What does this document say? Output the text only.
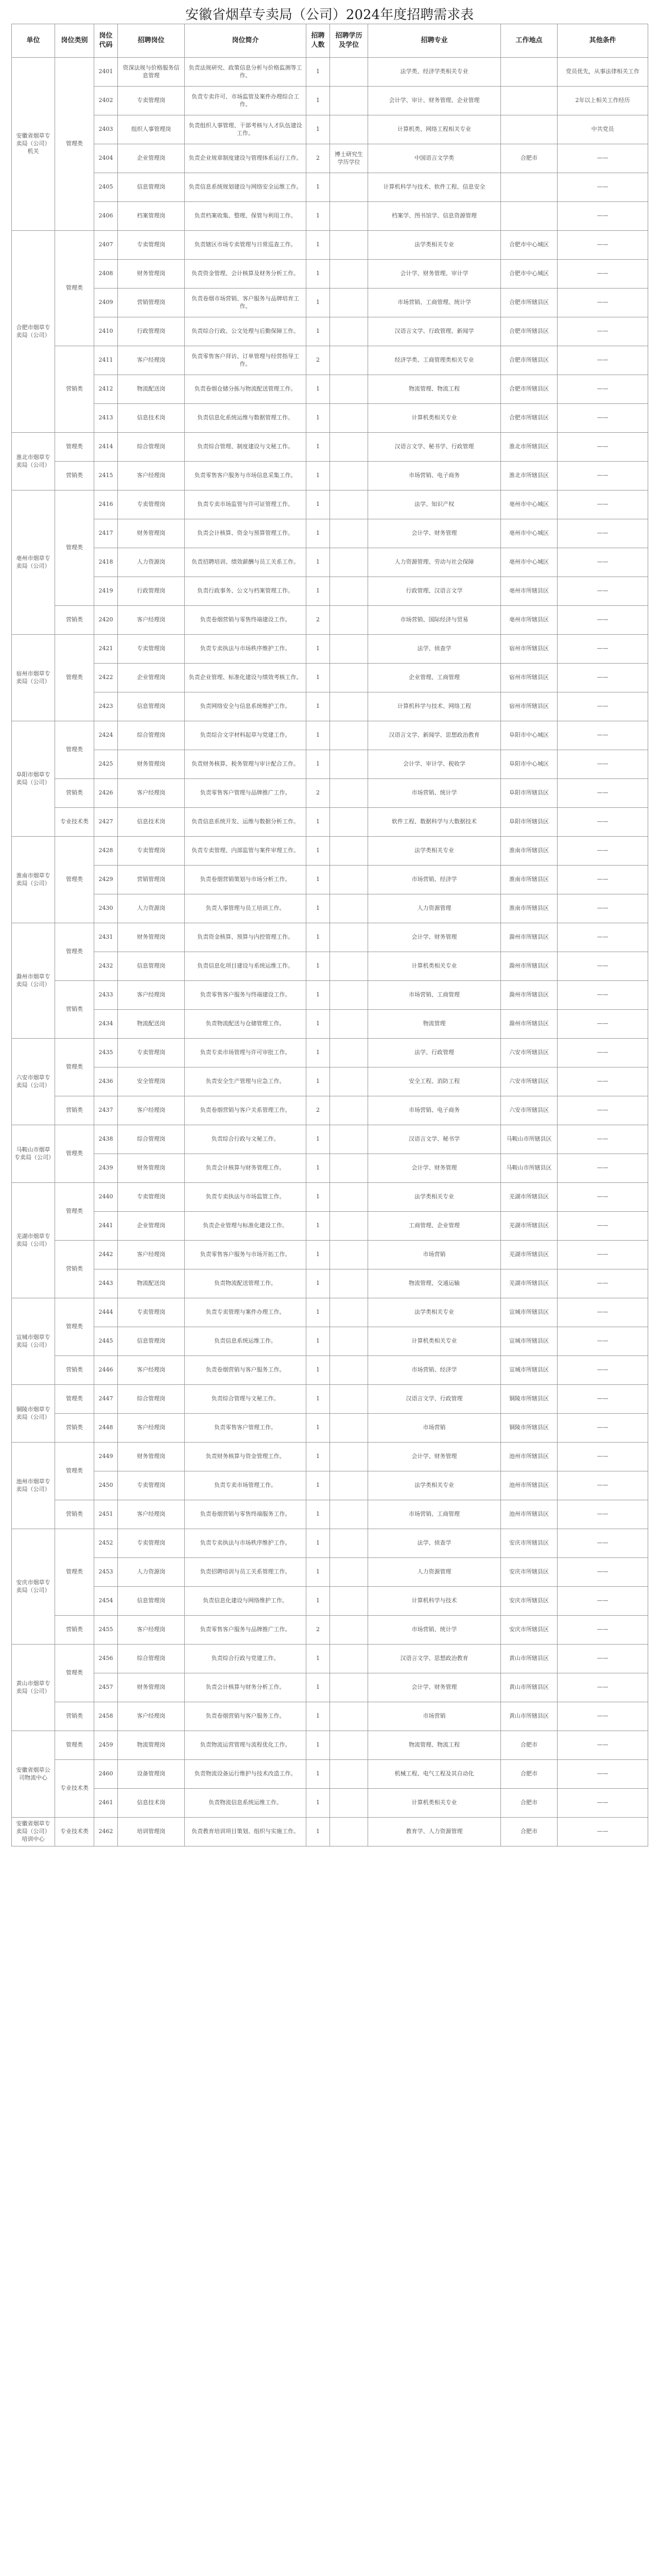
安徽省烟草专卖局（公司）2024年度招聘需求表
单位	岗位类别	岗位代码	招聘岗位	岗位简介	招聘人数	招聘学历及学位	招聘专业	工作地点	其他条件
安徽省烟草专卖局（公司）机关	管理类	2401	资深法规与价格服务信息管理	负责法规研究、政策信息分析与价格监测等工作。	1		法学类、经济学类相关专业		党员优先，从事法律相关工作
		2402	专卖管理岗	负责专卖许可、市场监管及案件办理综合工作。	1		会计学、审计、财务管理、企业管理		2年以上相关工作经历
		2403	组织人事管理岗	负责组织人事管理、干部考核与人才队伍建设工作。	1		计算机类、网络工程相关专业		中共党员
		2404	企业管理岗	负责企业规章制度建设与管理体系运行工作。	2	博士研究生学历学位	中国语言文学类	合肥市	——
		2405	信息管理岗	负责信息系统规划建设与网络安全运维工作。	1		计算机科学与技术、软件工程、信息安全		——
		2406	档案管理岗	负责档案收集、整理、保管与利用工作。	1		档案学、图书馆学、信息资源管理		——
合肥市烟草专卖局（公司）	管理类	2407	专卖管理岗	负责辖区市场专卖管理与日常巡查工作。	1		法学类相关专业	合肥市中心城区	——
		2408	财务管理岗	负责资金管理、会计核算及财务分析工作。	1		会计学、财务管理、审计学	合肥市中心城区	——
		2409	营销管理岗	负责卷烟市场营销、客户服务与品牌培育工作。	1		市场营销、工商管理、统计学	合肥市所辖县区	——
		2410	行政管理岗	负责综合行政、公文处理与后勤保障工作。	1		汉语言文学、行政管理、新闻学	合肥市所辖县区	——
	营销类	2411	客户经理岗	负责零售客户拜访、订单管理与经营指导工作。	2		经济学类、工商管理类相关专业	合肥市所辖县区	——
		2412	物流配送岗	负责卷烟仓储分拣与物流配送管理工作。	1		物流管理、物流工程	合肥市所辖县区	——
		2413	信息技术岗	负责信息化系统运维与数据管理工作。	1		计算机类相关专业	合肥市所辖县区	——
淮北市烟草专卖局（公司）	管理类	2414	综合管理岗	负责综合管理、制度建设与文秘工作。	1		汉语言文学、秘书学、行政管理	淮北市所辖县区	——
	营销类	2415	客户经理岗	负责零售客户服务与市场信息采集工作。	1		市场营销、电子商务	淮北市所辖县区	——
亳州市烟草专卖局（公司）	管理类	2416	专卖管理岗	负责专卖市场监管与许可证管理工作。	1		法学、知识产权	亳州市中心城区	——
		2417	财务管理岗	负责会计核算、资金与预算管理工作。	1		会计学、财务管理	亳州市中心城区	——
		2418	人力资源岗	负责招聘培训、绩效薪酬与员工关系工作。	1		人力资源管理、劳动与社会保障	亳州市中心城区	——
		2419	行政管理岗	负责行政事务、公文与档案管理工作。	1		行政管理、汉语言文学	亳州市所辖县区	——
	营销类	2420	客户经理岗	负责卷烟营销与零售终端建设工作。	2		市场营销、国际经济与贸易	亳州市所辖县区	——
宿州市烟草专卖局（公司）	管理类	2421	专卖管理岗	负责专卖执法与市场秩序维护工作。	1		法学、侦查学	宿州市所辖县区	——
		2422	企业管理岗	负责企业管理、标准化建设与绩效考核工作。	1		企业管理、工商管理	宿州市所辖县区	——
		2423	信息管理岗	负责网络安全与信息系统维护工作。	1		计算机科学与技术、网络工程	宿州市所辖县区	——
阜阳市烟草专卖局（公司）	管理类	2424	综合管理岗	负责综合文字材料起草与党建工作。	1		汉语言文学、新闻学、思想政治教育	阜阳市中心城区	——
		2425	财务管理岗	负责财务核算、税务管理与审计配合工作。	1		会计学、审计学、税收学	阜阳市中心城区	——
	营销类	2426	客户经理岗	负责零售客户管理与品牌推广工作。	2		市场营销、统计学	阜阳市所辖县区	——
	专业技术类	2427	信息技术岗	负责信息系统开发、运维与数据分析工作。	1		软件工程、数据科学与大数据技术	阜阳市所辖县区	——
淮南市烟草专卖局（公司）	管理类	2428	专卖管理岗	负责专卖管理、内部监管与案件审理工作。	1		法学类相关专业	淮南市所辖县区	——
		2429	营销管理岗	负责卷烟营销策划与市场分析工作。	1		市场营销、经济学	淮南市所辖县区	——
		2430	人力资源岗	负责人事管理与员工培训工作。	1		人力资源管理	淮南市所辖县区	——
滁州市烟草专卖局（公司）	管理类	2431	财务管理岗	负责资金核算、预算与内控管理工作。	1		会计学、财务管理	滁州市所辖县区	——
		2432	信息管理岗	负责信息化项目建设与系统运维工作。	1		计算机类相关专业	滁州市所辖县区	——
	营销类	2433	客户经理岗	负责零售客户服务与终端建设工作。	1		市场营销、工商管理	滁州市所辖县区	——
		2434	物流配送岗	负责物流配送与仓储管理工作。	1		物流管理	滁州市所辖县区	——
六安市烟草专卖局（公司）	管理类	2435	专卖管理岗	负责专卖市场管理与许可审批工作。	1		法学、行政管理	六安市所辖县区	——
		2436	安全管理岗	负责安全生产管理与应急工作。	1		安全工程、消防工程	六安市所辖县区	——
	营销类	2437	客户经理岗	负责卷烟营销与客户关系管理工作。	2		市场营销、电子商务	六安市所辖县区	——
马鞍山市烟草专卖局（公司）	管理类	2438	综合管理岗	负责综合行政与文秘工作。	1		汉语言文学、秘书学	马鞍山市所辖县区	——
		2439	财务管理岗	负责会计核算与财务管理工作。	1		会计学、财务管理	马鞍山市所辖县区	——
芜湖市烟草专卖局（公司）	管理类	2440	专卖管理岗	负责专卖执法与市场监管工作。	1		法学类相关专业	芜湖市所辖县区	——
		2441	企业管理岗	负责企业管理与标准化建设工作。	1		工商管理、企业管理	芜湖市所辖县区	——
	营销类	2442	客户经理岗	负责零售客户服务与市场开拓工作。	1		市场营销	芜湖市所辖县区	——
		2443	物流配送岗	负责物流配送管理工作。	1		物流管理、交通运输	芜湖市所辖县区	——
宣城市烟草专卖局（公司）	管理类	2444	专卖管理岗	负责专卖管理与案件办理工作。	1		法学类相关专业	宣城市所辖县区	——
		2445	信息管理岗	负责信息系统运维工作。	1		计算机类相关专业	宣城市所辖县区	——
	营销类	2446	客户经理岗	负责卷烟营销与客户服务工作。	1		市场营销、经济学	宣城市所辖县区	——
铜陵市烟草专卖局（公司）	管理类	2447	综合管理岗	负责综合管理与文秘工作。	1		汉语言文学、行政管理	铜陵市所辖县区	——
	营销类	2448	客户经理岗	负责零售客户管理工作。	1		市场营销	铜陵市所辖县区	——
池州市烟草专卖局（公司）	管理类	2449	财务管理岗	负责财务核算与资金管理工作。	1		会计学、财务管理	池州市所辖县区	——
		2450	专卖管理岗	负责专卖市场管理工作。	1		法学类相关专业	池州市所辖县区	——
	营销类	2451	客户经理岗	负责卷烟营销与零售终端服务工作。	1		市场营销、工商管理	池州市所辖县区	——
安庆市烟草专卖局（公司）	管理类	2452	专卖管理岗	负责专卖执法与市场秩序维护工作。	1		法学、侦查学	安庆市所辖县区	——
		2453	人力资源岗	负责招聘培训与员工关系管理工作。	1		人力资源管理	安庆市所辖县区	——
		2454	信息管理岗	负责信息化建设与网络维护工作。	1		计算机科学与技术	安庆市所辖县区	——
	营销类	2455	客户经理岗	负责零售客户服务与品牌推广工作。	2		市场营销、统计学	安庆市所辖县区	——
黄山市烟草专卖局（公司）	管理类	2456	综合管理岗	负责综合行政与党建工作。	1		汉语言文学、思想政治教育	黄山市所辖县区	——
		2457	财务管理岗	负责会计核算与财务分析工作。	1		会计学、财务管理	黄山市所辖县区	——
	营销类	2458	客户经理岗	负责卷烟营销与客户服务工作。	1		市场营销	黄山市所辖县区	——
安徽省烟草公司物流中心	管理类	2459	物流管理岗	负责物流运营管理与流程优化工作。	1		物流管理、物流工程	合肥市	——
	专业技术类	2460	设备管理岗	负责物流设备运行维护与技术改造工作。	1		机械工程、电气工程及其自动化	合肥市	——
		2461	信息技术岗	负责物流信息系统运维工作。	1		计算机类相关专业	合肥市	——
安徽省烟草专卖局（公司）培训中心	专业技术类	2462	培训管理岗	负责教育培训项目策划、组织与实施工作。	1		教育学、人力资源管理	合肥市	——
